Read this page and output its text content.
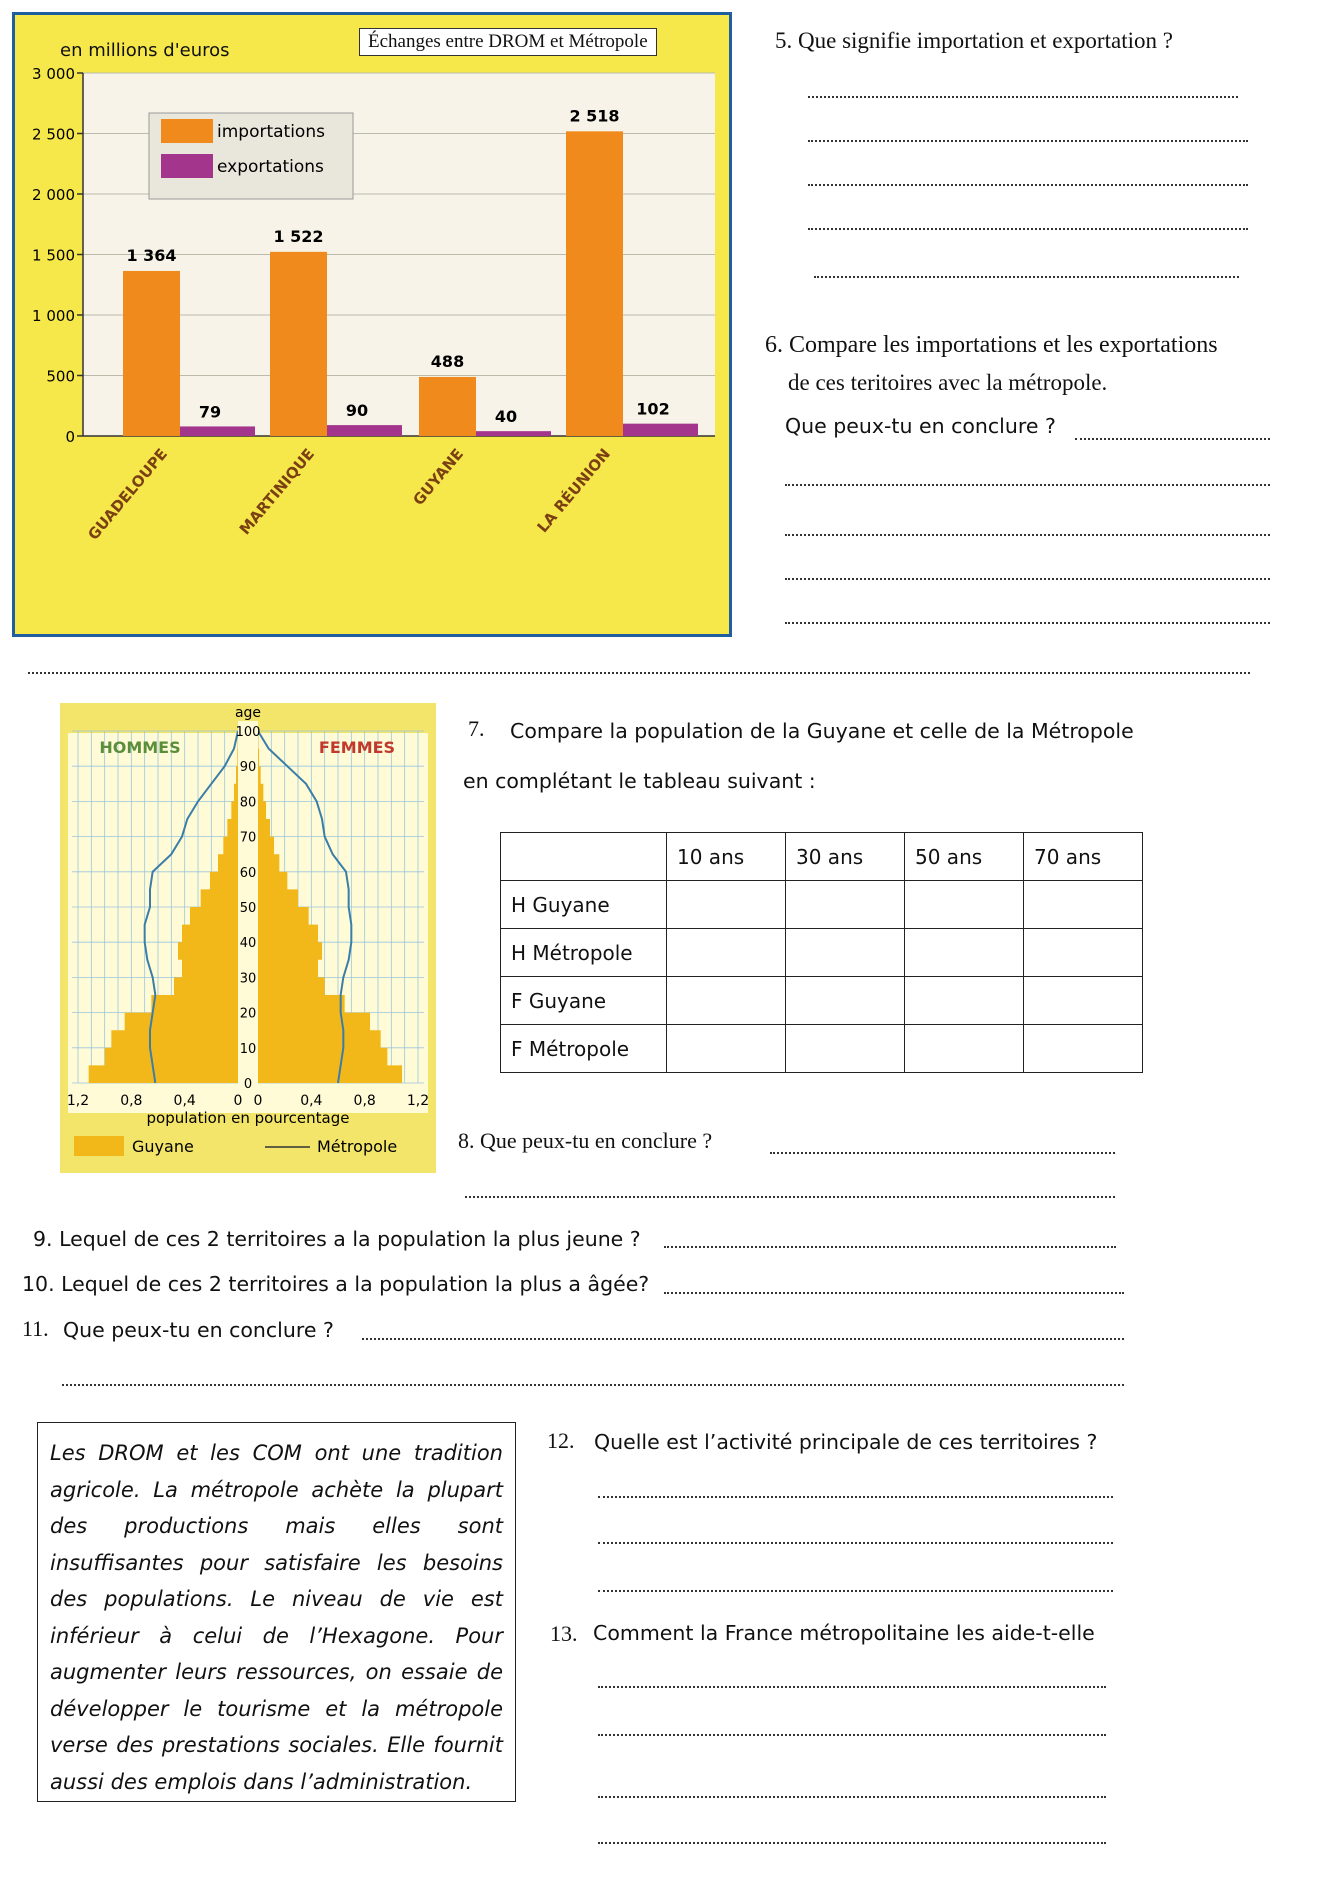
3 000
2 500
2 000
1 500
1 000
500
0
1 364
79
GUADELOUPE
1 522
90
MARTINIQUE
488
40
GUYANE
2 518
102
LA RÉUNION
importations
exportations
en millions d'euros	Échanges entre DROM et Métropole	5. Que signifie importation et exportation ?
6. Compare les importations et les exportations
de ces teritoires avec la métropole.
Que peux-tu en conclure ?
100
90
80
70
60
50
40
30
20
10
0
age
HOMMES	FEMMES
1,2 0,8 0,4	0 0	0,4 0,8 1,2
population en pourcentage
Guyane	Métropole
7. Compare la population de la Guyane et celle de la Métropole
en complétant le tableau suivant :
	10 ans	30 ans	50 ans	70 ans
H Guyane				
H Métropole				
F Guyane				
F Métropole				
8. Que peux-tu en conclure ?
9. Lequel de ces 2 territoires a la population la plus jeune ?
10. Lequel de ces 2 territoires a la population la plus a âgée?
11. Que peux-tu en conclure ?
Les DROM et les COM ont une tradition agricole. La métropole achète la plupart des productions mais elles sont insuffisantes pour satisfaire les besoins des populations. Le niveau de vie est inférieur à celui de l’Hexagone. Pour augmenter leurs ressources, on essaie de développer le tourisme et la métropole verse des prestations sociales. Elle fournit aussi des emplois dans l’administration.
12. Quelle est l’activité principale de ces territoires ?
13. Comment la France métropolitaine les aide-t-elle
